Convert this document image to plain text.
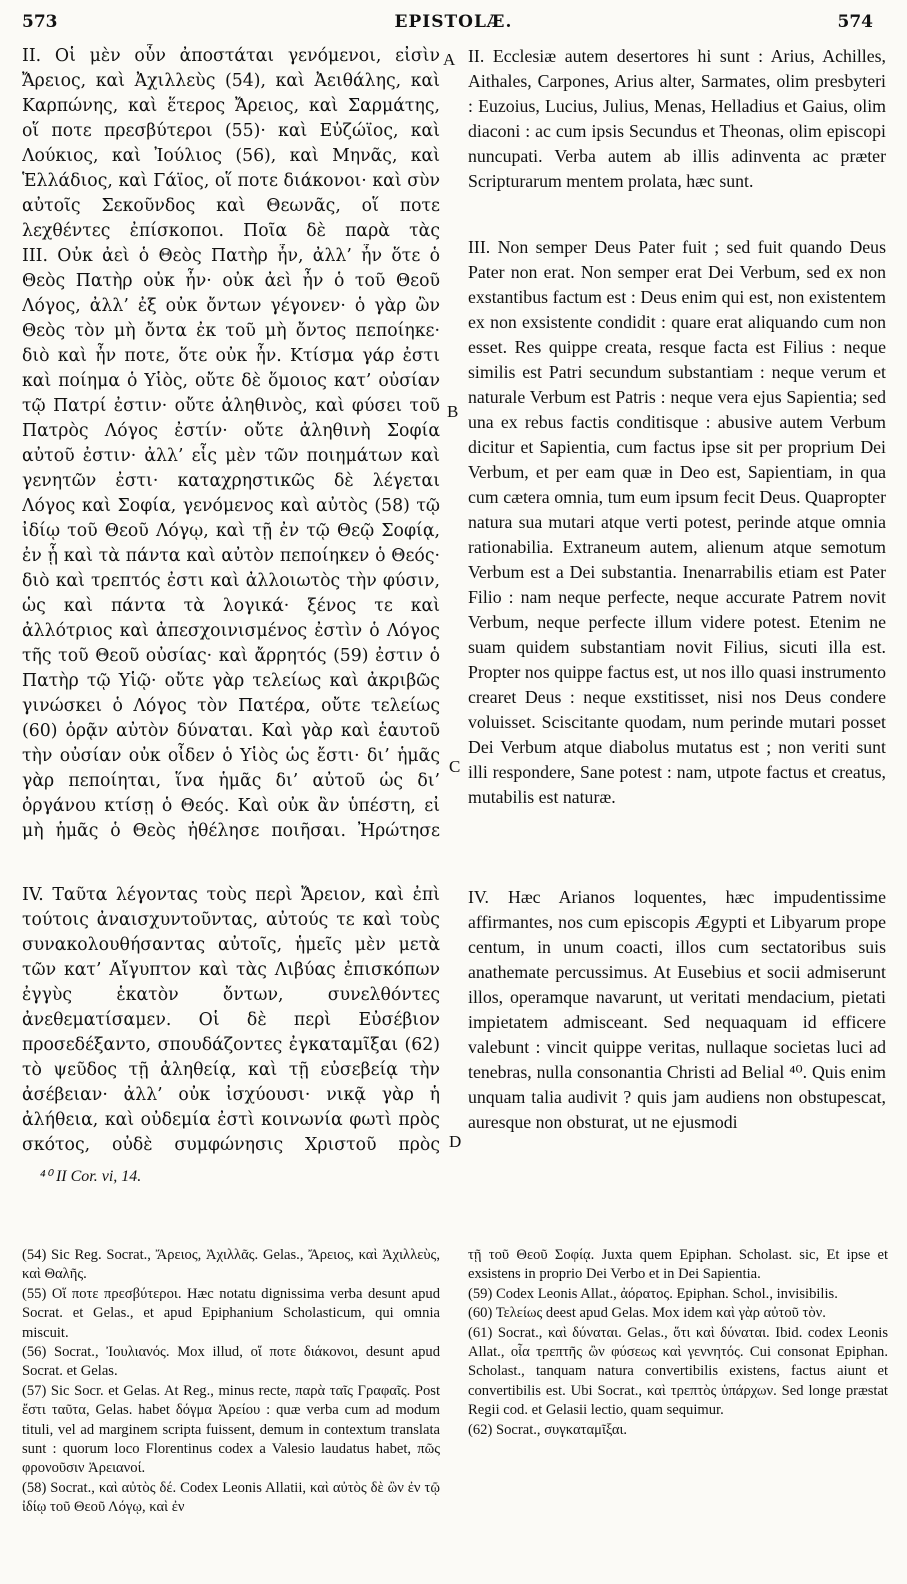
573	EPISTOLÆ.	574
A
B
C
D

II. Οἱ μὲν οὖν ἀποστάται γενόμενοι, εἰσὶν Ἄρειος, καὶ Ἀχιλλεὺς (54), καὶ Ἀειθάλης, καὶ Καρπώνης, καὶ ἕτερος Ἄρειος, καὶ Σαρμάτης, οἵ ποτε πρεσβύτεροι (55)· καὶ Εὐζώϊος, καὶ Λούκιος, καὶ Ἰούλιος (56), καὶ Μηνᾶς, καὶ Ἑλλάδιος, καὶ Γάϊος, οἵ ποτε διάκονοι· καὶ σὺν αὐτοῖς Σεκοῦνδος καὶ Θεωνᾶς, οἵ ποτε λεχθέντες ἐπίσκοποι. Ποῖα δὲ παρὰ τὰς

III. Οὐκ ἀεὶ ὁ Θεὸς Πατὴρ ἦν, ἀλλ’ ἦν ὅτε ὁ Θεὸς Πατὴρ οὐκ ἦν· οὐκ ἀεὶ ἦν ὁ τοῦ Θεοῦ Λόγος, ἀλλ’ ἐξ οὐκ ὄντων γέγονεν· ὁ γὰρ ὢν Θεὸς τὸν μὴ ὄντα ἐκ τοῦ μὴ ὄντος πεποίηκε· διὸ καὶ ἦν ποτε, ὅτε οὐκ ἦν. Κτίσμα γάρ ἐστι καὶ ποίημα ὁ Υἱὸς, οὔτε δὲ ὅμοιος κατ’ οὐσίαν τῷ Πατρί ἐστιν· οὔτε ἀληθινὸς, καὶ φύσει τοῦ Πατρὸς Λόγος ἐστίν· οὔτε ἀληθινὴ Σοφία αὐτοῦ ἐστιν· ἀλλ’ εἷς μὲν τῶν ποιημάτων καὶ γενητῶν ἐστι· καταχρηστικῶς δὲ λέγεται Λόγος καὶ Σοφία, γενόμενος καὶ αὐτὸς (58) τῷ ἰδίῳ τοῦ Θεοῦ Λόγῳ, καὶ τῇ ἐν τῷ Θεῷ Σοφίᾳ, ἐν ᾗ καὶ τὰ πάντα καὶ αὐτὸν πεποίηκεν ὁ Θεός· διὸ καὶ τρεπτός ἐστι καὶ ἀλλοιωτὸς τὴν φύσιν, ὡς καὶ πάντα τὰ λογικά· ξένος τε καὶ ἀλλότριος καὶ ἀπεσχοινισμένος ἐστὶν ὁ Λόγος τῆς τοῦ Θεοῦ οὐσίας· καὶ ἄρρητός (59) ἐστιν ὁ Πατὴρ τῷ Υἱῷ· οὔτε γὰρ τελείως καὶ ἀκριβῶς γινώσκει ὁ Λόγος τὸν Πατέρα, οὔτε τελείως (60) ὁρᾷν αὐτὸν δύναται. Καὶ γὰρ καὶ ἑαυτοῦ τὴν οὐσίαν οὐκ οἶδεν ὁ Υἱὸς ὡς ἔστι· δι’ ἡμᾶς γὰρ πεποίηται, ἵνα ἡμᾶς δι’ αὐτοῦ ὡς δι’ ὀργάνου κτίσῃ ὁ Θεός. Καὶ οὐκ ἂν ὑπέστη, εἰ μὴ ἡμᾶς ὁ Θεὸς ἠθέλησε ποιῆσαι. Ἠρώτησε

IV. Ταῦτα λέγοντας τοὺς περὶ Ἄρειον, καὶ ἐπὶ τούτοις ἀναισχυντοῦντας, αὐτούς τε καὶ τοὺς συνακολουθήσαντας αὐτοῖς, ἡμεῖς μὲν μετὰ τῶν κατ’ Αἴγυπτον καὶ τὰς Λιβύας ἐπισκόπων ἐγγὺς ἑκατὸν ὄντων, συνελθόντες ἀνεθεματίσαμεν. Οἱ δὲ περὶ Εὐσέβιον προσεδέξαντο, σπουδάζοντες ἐγκαταμῖξαι (62) τὸ ψεῦδος τῇ ἀληθείᾳ, καὶ τῇ εὐσεβείᾳ τὴν ἀσέβειαν· ἀλλ’ οὐκ ἰσχύουσι· νικᾷ γὰρ ἡ ἀλήθεια, καὶ οὐδεμία ἐστὶ κοινωνία φωτὶ πρὸς σκότος, οὐδὲ συμφώνησις Χριστοῦ πρὸς

II. Ecclesiæ autem desertores hi sunt : Arius, Achilles, Aithales, Carpones, Arius alter, Sarmates, olim presbyteri : Euzoius, Lucius, Julius, Menas, Helladius et Gaius, olim diaconi : ac cum ipsis Secundus et Theonas, olim episcopi nuncupati. Verba autem ab illis adinventa ac præter Scripturarum mentem prolata, hæc sunt.

III. Non semper Deus Pater fuit ; sed fuit quando Deus Pater non erat. Non semper erat Dei Verbum, sed ex non exstantibus factum est : Deus enim qui est, non existentem ex non exsistente condidit : quare erat aliquando cum non esset. Res quippe creata, resque facta est Filius : neque similis est Patri secundum substantiam : neque verum et naturale Verbum est Patris : neque vera ejus Sapientia; sed una ex rebus factis conditisque : abusive autem Verbum dicitur et Sapientia, cum factus ipse sit per proprium Dei Verbum, et per eam quæ in Deo est, Sapientiam, in qua cum cætera omnia, tum eum ipsum fecit Deus. Quapropter natura sua mutari atque verti potest, perinde atque omnia rationabilia. Extraneum autem, alienum atque semotum Verbum est a Dei substantia. Inenarrabilis etiam est Pater Filio : nam neque perfecte, neque accurate Patrem novit Verbum, neque perfecte illum videre potest. Etenim ne suam quidem substantiam novit Filius, sicuti illa est. Propter nos quippe factus est, ut nos illo quasi instrumento crearet Deus : neque exstitisset, nisi nos Deus condere voluisset. Sciscitante quodam, num perinde mutari posset Dei Verbum atque diabolus mutatus est ; non veriti sunt illi respondere, Sane potest : nam, utpote factus et creatus, mutabilis est naturæ.

IV. Hæc Arianos loquentes, hæc impudentissime affirmantes, nos cum episcopis Ægypti et Libyarum prope centum, in unum coacti, illos cum sectatoribus suis anathemate percussimus. At Eusebius et socii admiserunt illos, operamque navarunt, ut veritati mendacium, pietati impietatem admisceant. Sed nequaquam id efficere valebunt : vincit quippe veritas, nullaque societas luci ad tenebras, nulla consonantia Christi ad Belial ⁴⁰. Quis enim unquam talia audivit ? quis jam audiens non obstupescat, auresque non obsturat, ut ne ejusmodi

⁴⁰ II Cor. vi, 14.

(54) Sic Reg. Socrat., Ἄρειος, Ἀχιλλᾶς. Gelas., Ἄρειος, καὶ Ἀχιλλεὺς, καὶ Θαλῆς.

(55) Οἵ ποτε πρεσβύτεροι. Hæc notatu dignissima verba desunt apud Socrat. et Gelas., et apud Epiphanium Scholasticum, qui omnia miscuit.

(56) Socrat., Ἰουλιανός. Mox illud, οἵ ποτε διάκονοι, desunt apud Socrat. et Gelas.

(57) Sic Socr. et Gelas. At Reg., minus recte, παρὰ ταῖς Γραφαῖς. Post ἔστι ταῦτα, Gelas. habet δόγμα Ἀρείου : quæ verba cum ad modum tituli, vel ad marginem scripta fuissent, demum in contextum translata sunt : quorum loco Florentinus codex a Valesio laudatus habet, πῶς φρονοῦσιν Ἀρειανοί.

(58) Socrat., καὶ αὐτὸς δέ. Codex Leonis Allatii, καὶ αὐτὸς δὲ ὢν ἐν τῷ ἰδίῳ τοῦ Θεοῦ Λόγῳ, καὶ ἐν

τῇ τοῦ Θεοῦ Σοφίᾳ. Juxta quem Epiphan. Scholast. sic, Et ipse et exsistens in proprio Dei Verbo et in Dei Sapientia.

(59) Codex Leonis Allat., ἀόρατος. Epiphan. Schol., invisibilis.

(60) Τελείως deest apud Gelas. Mox idem καὶ γὰρ αὐτοῦ τὸν.

(61) Socrat., καὶ δύναται. Gelas., ὅτι καὶ δύναται. Ibid. codex Leonis Allat., οἷα τρεπτῆς ὢν φύσεως καὶ γεννητός. Cui consonat Epiphan. Scholast., tanquam natura convertibilis existens, factus aiunt et convertibilis est. Ubi Socrat., καὶ τρεπτὸς ὑπάρχων. Sed longe præstat Regii cod. et Gelasii lectio, quam sequimur.

(62) Socrat., συγκαταμῖξαι.
